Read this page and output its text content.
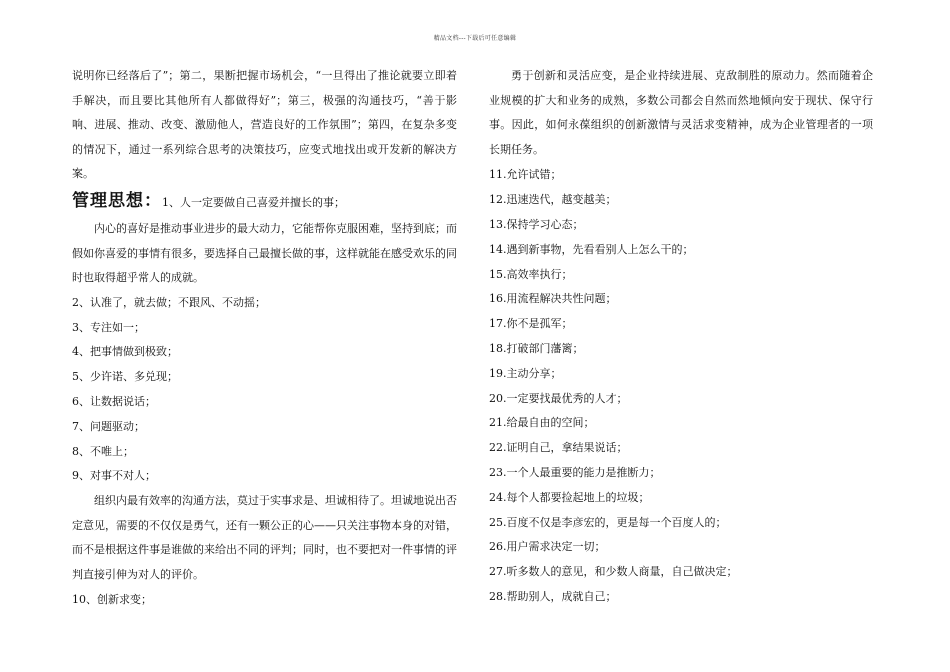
精品文档---下载后可任意编辑

说明你已经落后了”；第二，果断把握市场机会，“一旦得出了推论就要立即着手解决，而且要比其他所有人都做得好”；第三，极强的沟通技巧，“善于影响、进展、推动、改变、激励他人，营造良好的工作氛围”；第四，在复杂多变的情况下，通过一系列综合思考的决策技巧，应变式地找出或开发新的解决方案。

管理思想：1、人一定要做自己喜爱并擅长的事；

内心的喜好是推动事业进步的最大动力，它能帮你克服困难，坚持到底；而假如你喜爱的事情有很多，要选择自己最擅长做的事，这样就能在感受欢乐的同时也取得超乎常人的成就。

2、认准了，就去做；不跟风、不动摇；

3、专注如一；

4、把事情做到极致；

5、少许诺、多兑现；

6、让数据说话；

7、问题驱动；

8、不唯上；

9、对事不对人；

组织内最有效率的沟通方法，莫过于实事求是、坦诚相待了。坦诚地说出否定意见，需要的不仅仅是勇气，还有一颗公正的心——只关注事物本身的对错，而不是根据这件事是谁做的来给出不同的评判；同时，也不要把对一件事情的评判直接引伸为对人的评价。

10、创新求变；

勇于创新和灵活应变，是企业持续进展、克敌制胜的原动力。然而随着企业规模的扩大和业务的成熟，多数公司都会自然而然地倾向安于现状、保守行事。因此，如何永葆组织的创新激情与灵活求变精神，成为企业管理者的一项长期任务。

11.允许试错；

12.迅速迭代，越变越美；

13.保持学习心态；

14.遇到新事物，先看看别人上怎么干的；

15.高效率执行；

16.用流程解决共性问题；

17.你不是孤军；

18.打破部门藩篱；

19.主动分享；

20.一定要找最优秀的人才；

21.给最自由的空间；

22.证明自己，拿结果说话；

23.一个人最重要的能力是推断力；

24.每个人都要捡起地上的垃圾；

25.百度不仅是李彦宏的，更是每一个百度人的；

26.用户需求决定一切；

27.听多数人的意见，和少数人商量，自己做决定；

28.帮助别人，成就自己；
